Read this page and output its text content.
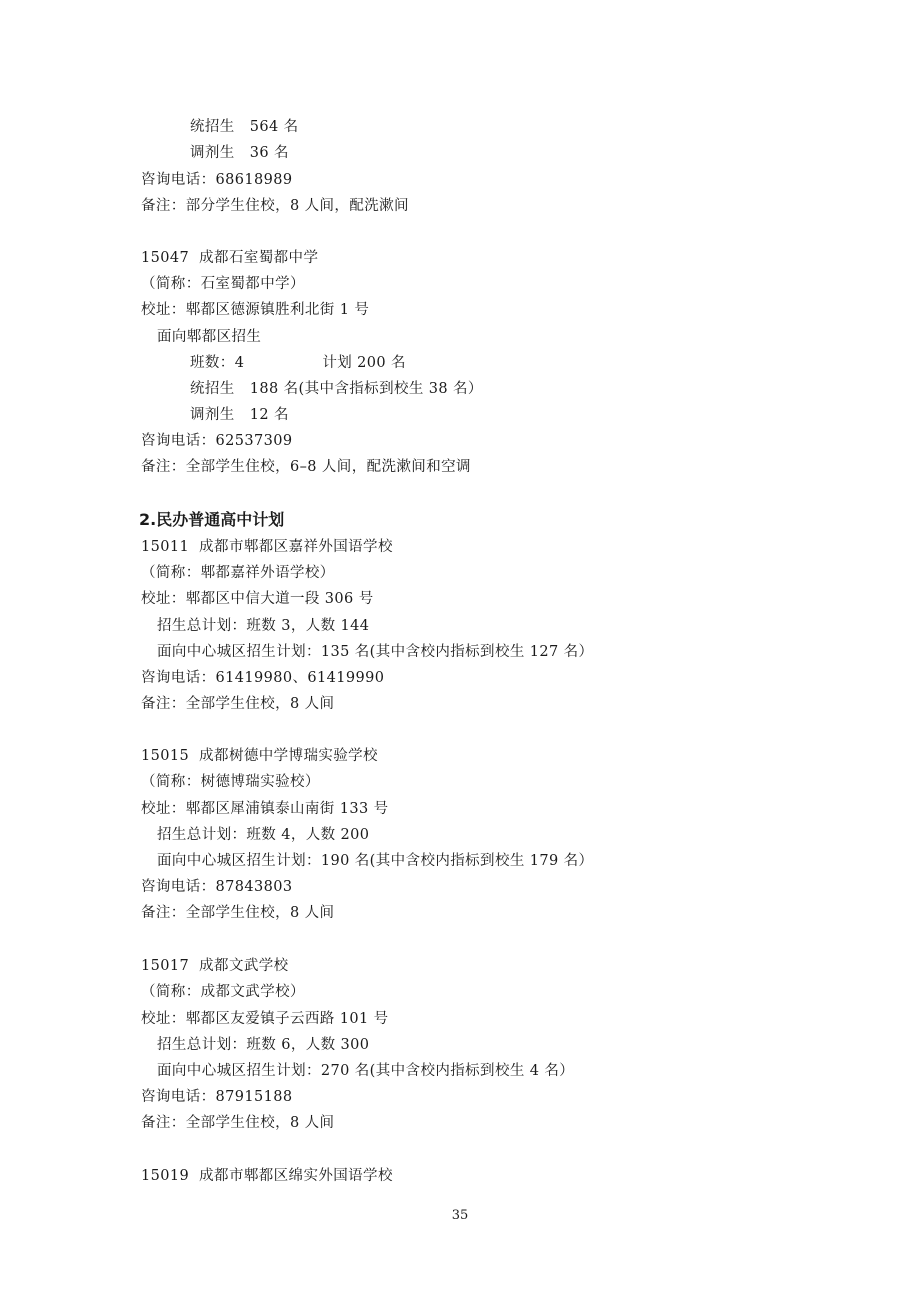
统招生   564 名
调剂生   36 名
咨询电话：68618989
备注：部分学生住校，8 人间，配洗漱间
15047  成都石室蜀都中学
（简称：石室蜀都中学）
校址：郫都区德源镇胜利北街 1 号
面向郫都区招生
班数：4	计划 200 名
统招生   188 名(其中含指标到校生 38 名）
调剂生   12 名
咨询电话：62537309
备注：全部学生住校，6–8 人间，配洗漱间和空调
2.民办普通高中计划
15011  成都市郫都区嘉祥外国语学校
（简称：郫都嘉祥外语学校）
校址：郫都区中信大道一段 306 号
招生总计划：班数 3，人数 144
面向中心城区招生计划：135 名(其中含校内指标到校生 127 名）
咨询电话：61419980、61419990
备注：全部学生住校，8 人间
15015  成都树德中学博瑞实验学校
（简称：树德博瑞实验校）
校址：郫都区犀浦镇泰山南街 133 号
招生总计划：班数 4，人数 200
面向中心城区招生计划：190 名(其中含校内指标到校生 179 名）
咨询电话：87843803
备注：全部学生住校，8 人间
15017  成都文武学校
（简称：成都文武学校）
校址：郫都区友爱镇子云西路 101 号
招生总计划：班数 6，人数 300
面向中心城区招生计划：270 名(其中含校内指标到校生 4 名）
咨询电话：87915188
备注：全部学生住校，8 人间
15019  成都市郫都区绵实外国语学校
35
